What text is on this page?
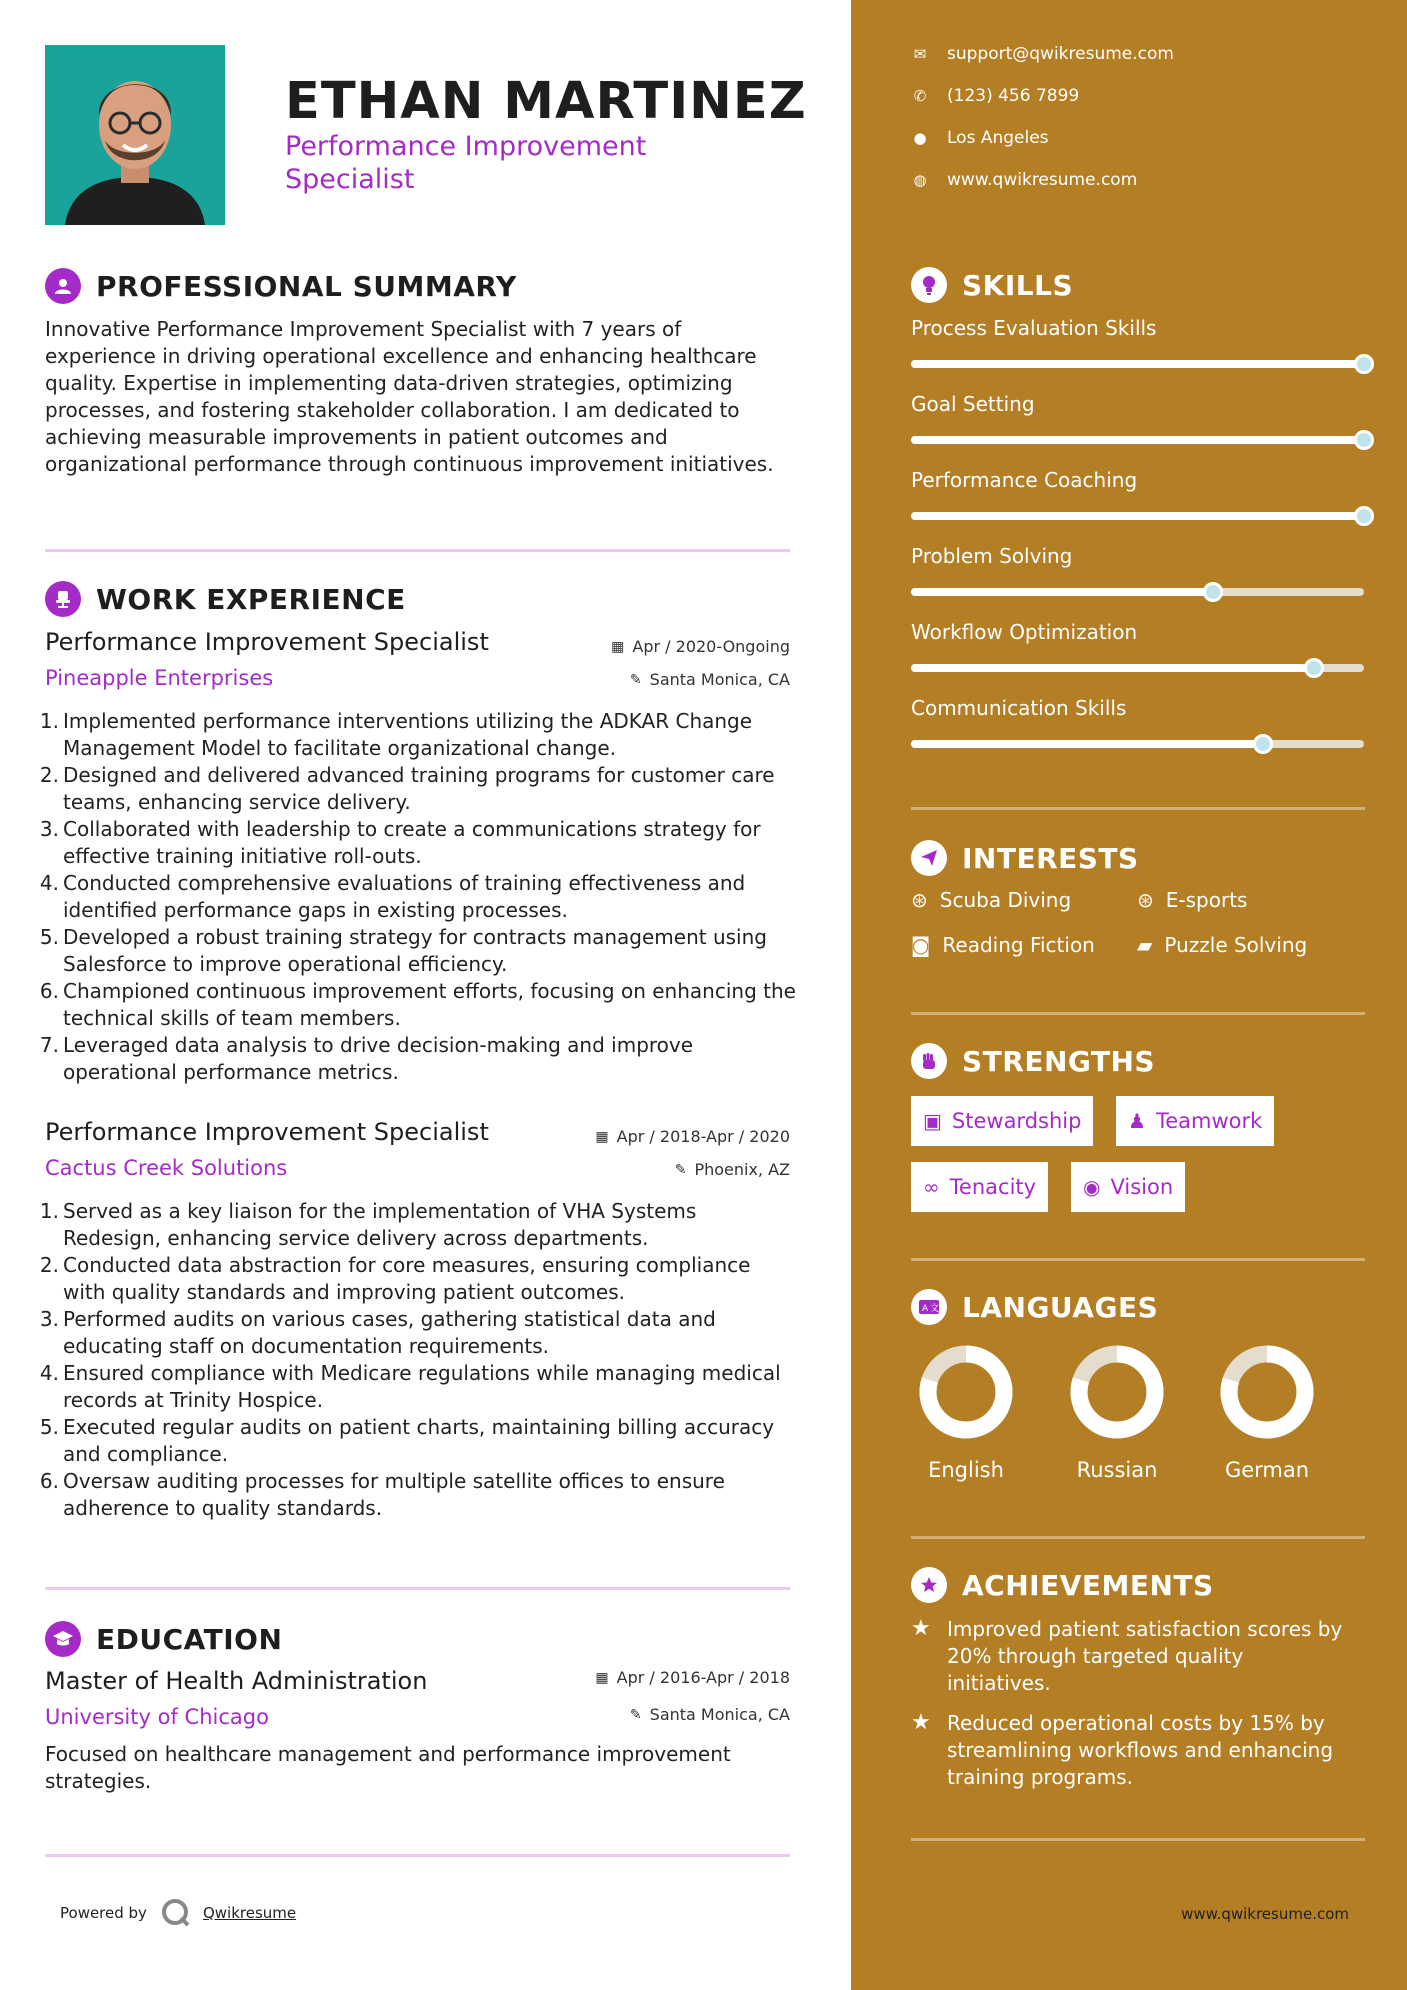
ETHAN MARTINEZ
Performance Improvement Specialist
PROFESSIONAL SUMMARY
Innovative Performance Improvement Specialist with 7 years of experience in driving operational excellence and enhancing healthcare quality. Expertise in implementing data-driven strategies, optimizing processes, and fostering stakeholder collaboration. I am dedicated to achieving measurable improvements in patient outcomes and organizational performance through continuous improvement initiatives.
WORK EXPERIENCE
Performance Improvement Specialist
Pineapple Enterprises
▦ Apr / 2020-Ongoing
✎ Santa Monica, CA
1. Implemented performance interventions utilizing the ADKAR Change Management Model to facilitate organizational change.
2. Designed and delivered advanced training programs for customer care teams, enhancing service delivery.
3. Collaborated with leadership to create a communications strategy for effective training initiative roll-outs.
4. Conducted comprehensive evaluations of training effectiveness and identified performance gaps in existing processes.
5. Developed a robust training strategy for contracts management using Salesforce to improve operational efficiency.
6. Championed continuous improvement efforts, focusing on enhancing the technical skills of team members.
7. Leveraged data analysis to drive decision-making and improve operational performance metrics.
Performance Improvement Specialist
Cactus Creek Solutions
▦ Apr / 2018-Apr / 2020
✎ Phoenix, AZ
1. Served as a key liaison for the implementation of VHA Systems Redesign, enhancing service delivery across departments.
2. Conducted data abstraction for core measures, ensuring compliance with quality standards and improving patient outcomes.
3. Performed audits on various cases, gathering statistical data and educating staff on documentation requirements.
4. Ensured compliance with Medicare regulations while managing medical records at Trinity Hospice.
5. Executed regular audits on patient charts, maintaining billing accuracy and compliance.
6. Oversaw auditing processes for multiple satellite offices to ensure adherence to quality standards.
EDUCATION
Master of Health Administration
University of Chicago
▦ Apr / 2016-Apr / 2018
✎ Santa Monica, CA
Focused on healthcare management and performance improvement strategies.
Powered by	Qwikresume
✉ support@qwikresume.com
✆ (123) 456 7899
● Los Angeles
◍ www.qwikresume.com
SKILLS
Process Evaluation Skills
Goal Setting
Performance Coaching
Problem Solving
Workflow Optimization
Communication Skills
INTERESTS
⊛ Scuba Diving	⊛ E-sports
◙ Reading Fiction ▰ Puzzle Solving
STRENGTHS
▣ Stewardship ♟ Teamwork
∞ Tenacity ◉ Vision
A 文 LANGUAGES
English	Russian	German
ACHIEVEMENTS
★ Improved patient satisfaction scores by 20% through targeted quality initiatives.
★ Reduced operational costs by 15% by streamlining workflows and enhancing training programs.
www.qwikresume.com
